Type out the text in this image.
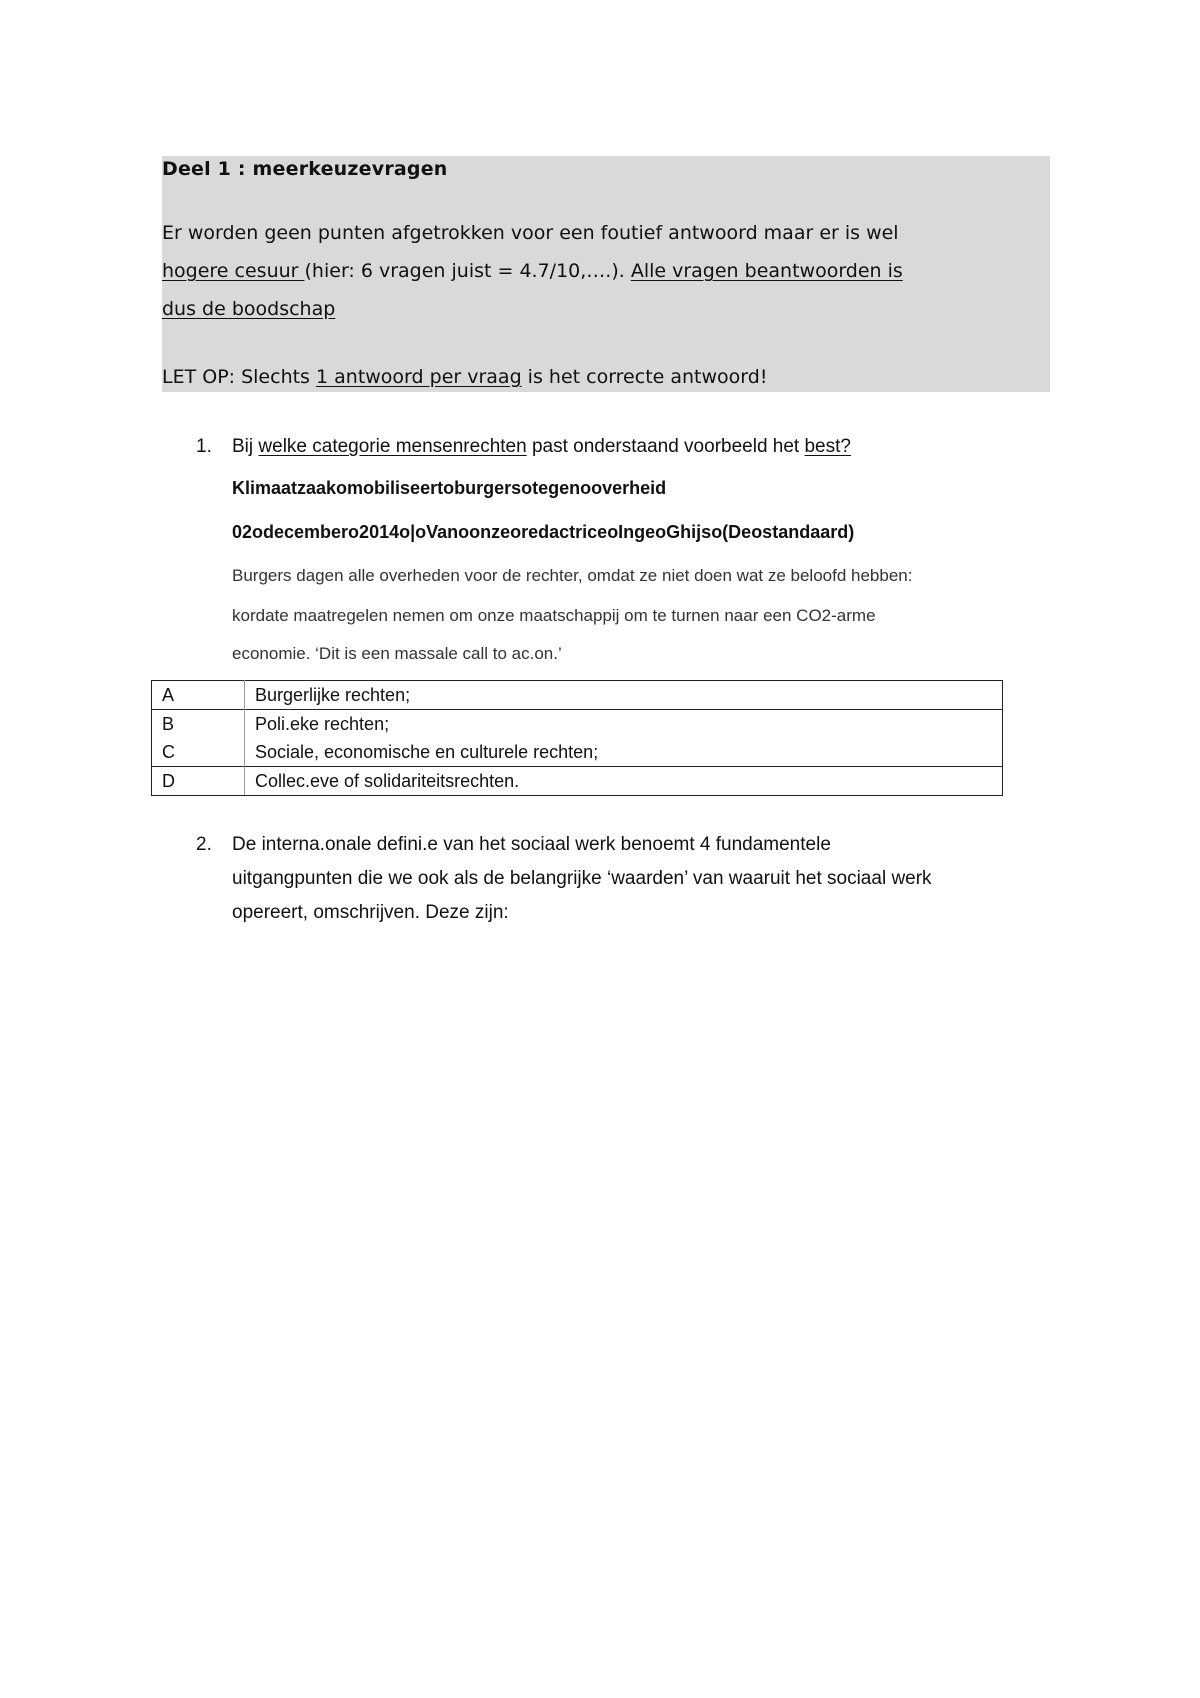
Deel 1 : meerkeuzevragen
Er worden geen punten afgetrokken voor een foutief antwoord maar er is wel
hogere cesuur (hier: 6 vragen juist = 4.7/10,….). Alle vragen beantwoorden is
dus de boodschap
LET OP: Slechts 1 antwoord per vraag is het correcte antwoord!
1. Bij welke categorie mensenrechten past onderstaand voorbeeld het best?
Klimaatzaakomobiliseertoburgersotegenooverheid
02odecembero2014o|oVanoonzeoredactriceoIngeoGhijso(Deostandaard)
Burgers dagen alle overheden voor de rechter, omdat ze niet doen wat ze beloofd hebben:
kordate maatregelen nemen om onze maatschappij om te turnen naar een CO2-arme
economie. ‘Dit is een massale call to ac.on.’
A	Burgerlijke rechten;
B	Poli.eke rechten;
C	Sociale, economische en culturele rechten;
D	Collec.eve of solidariteitsrechten.
2. De interna.onale defini.e van het sociaal werk benoemt 4 fundamentele
uitgangpunten die we ook als de belangrijke ‘waarden’ van waaruit het sociaal werk
opereert, omschrijven. Deze zijn:
